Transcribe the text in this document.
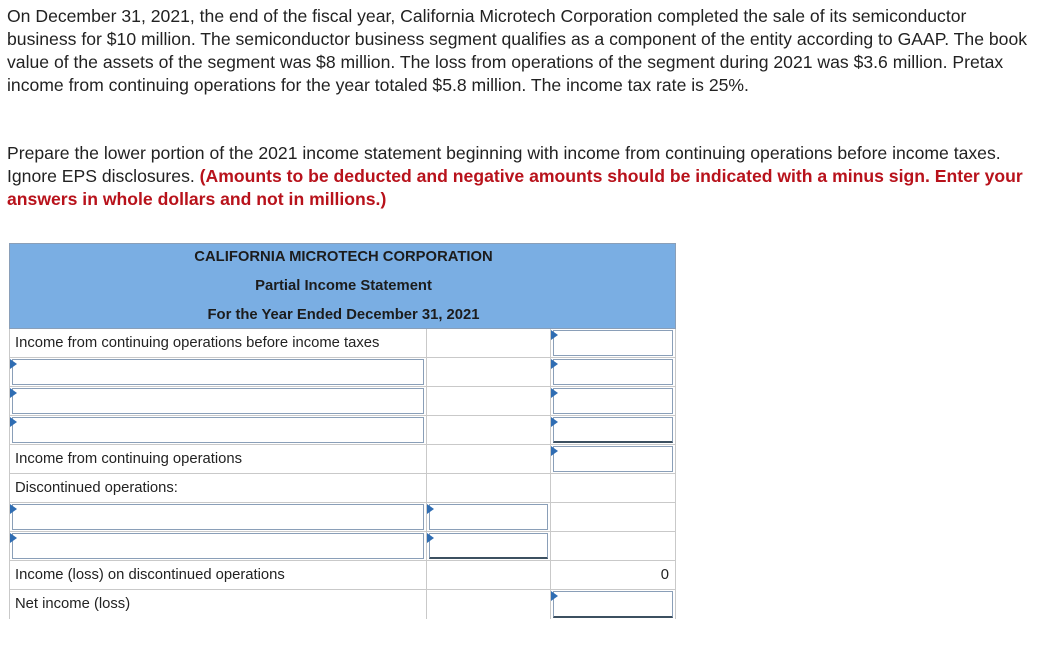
On December 31, 2021, the end of the fiscal year, California Microtech Corporation completed the sale of its semiconductor business for $10 million. The semiconductor business segment qualifies as a component of the entity according to GAAP. The book value of the assets of the segment was $8 million. The loss from operations of the segment during 2021 was $3.6 million. Pretax income from continuing operations for the year totaled $5.8 million. The income tax rate is 25%.
Prepare the lower portion of the 2021 income statement beginning with income from continuing operations before income taxes. Ignore EPS disclosures. (Amounts to be deducted and negative amounts should be indicated with a minus sign. Enter your answers in whole dollars and not in millions.)
CALIFORNIA MICROTECH CORPORATION
Partial Income Statement
For the Year Ended December 31, 2021
Income from continuing operations before income taxes
Income from continuing operations
Discontinued operations:
Income (loss) on discontinued operations	0
Net income (loss)
